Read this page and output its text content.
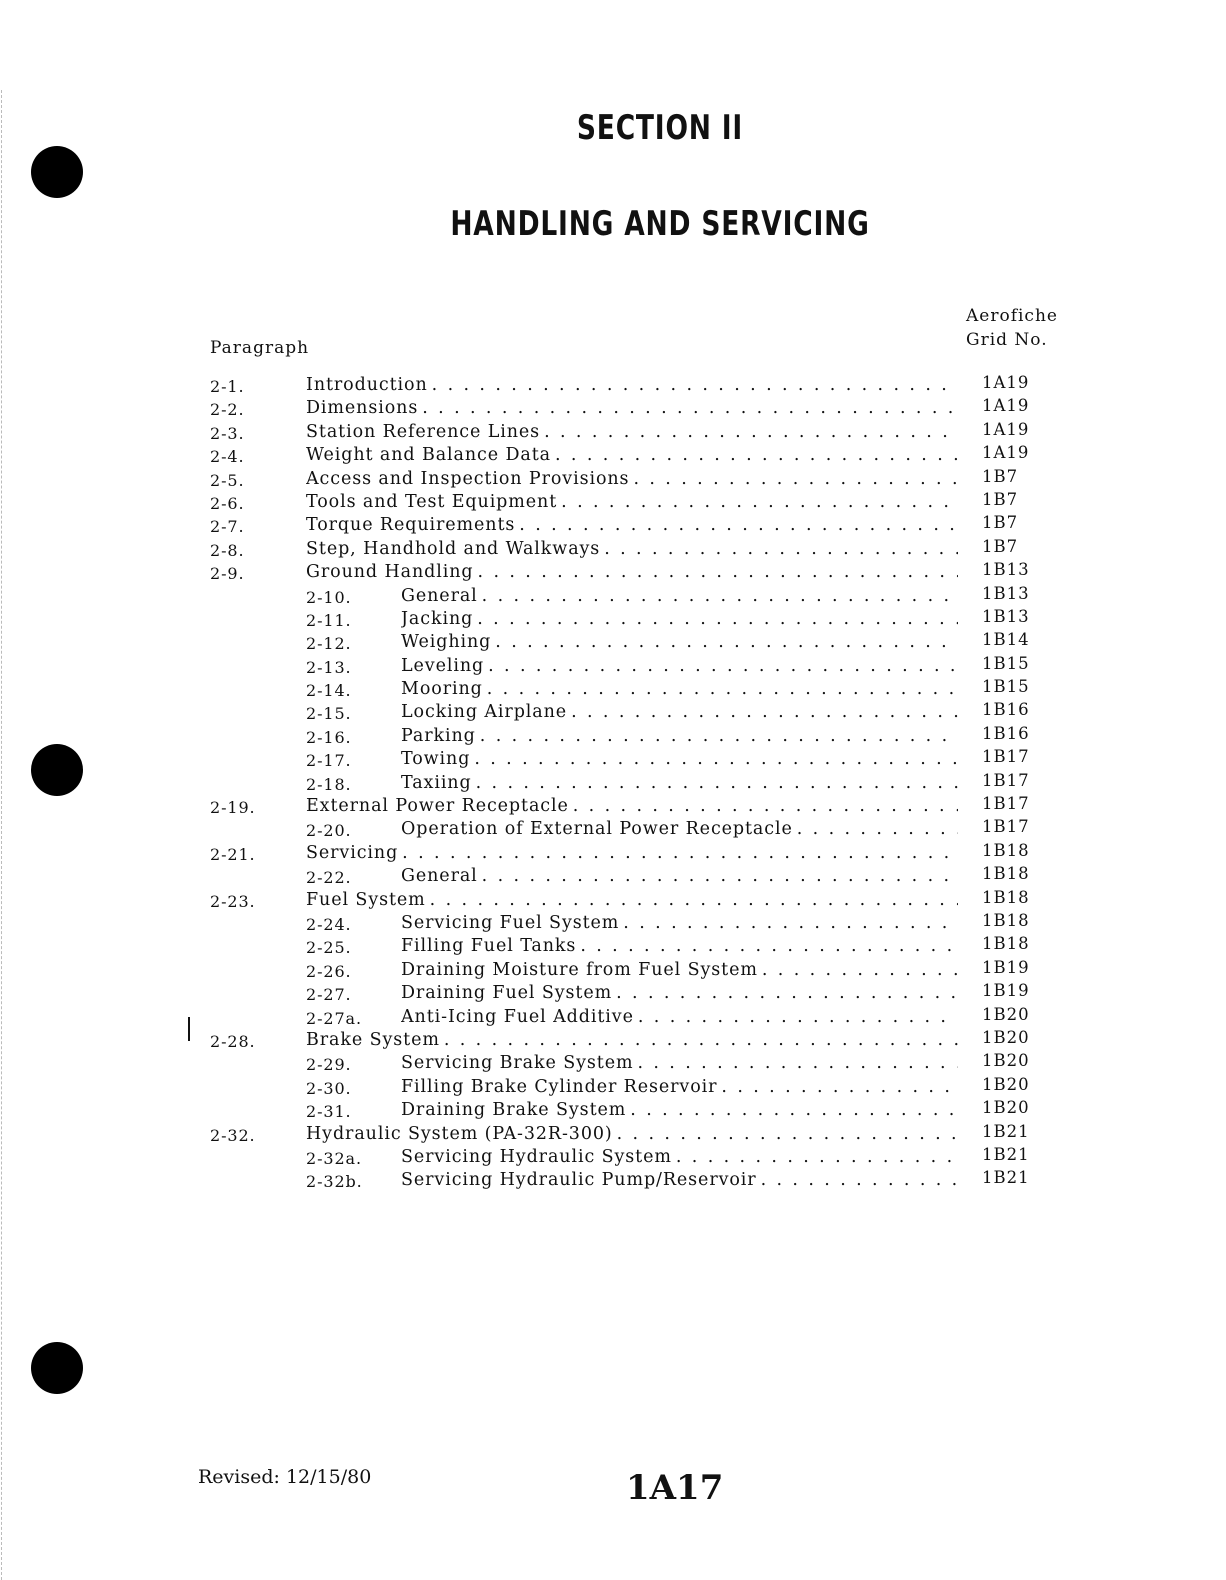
SECTION II
HANDLING AND SERVICING
Paragraph
Aerofiche
Grid No.
2-1.	Introduction . . .	1A19
2-2.	Dimensions . . .	1A19
2-3.	Station Reference Lines . . .	1A19
2-4.	Weight and Balance Data . . .	1A19
2-5.	Access and Inspection Provisions . . .	1B7
2-6.	Tools and Test Equipment . . .	1B7
2-7.	Torque Requirements . . .	1B7
2-8.	Step, Handhold and Walkways . . .	1B7
2-9.	Ground Handling . . .	1B13
2-10.	General . . .	1B13
2-11.	Jacking . . .	1B13
2-12.	Weighing . . .	1B14
2-13.	Leveling . . .	1B15
2-14.	Mooring . . .	1B15
2-15.	Locking Airplane . . .	1B16
2-16.	Parking . . .	1B16
2-17.	Towing . . .	1B17
2-18.	Taxiing . . .	1B17
2-19.	External Power Receptacle . . .	1B17
2-20.	Operation of External Power Receptacle . . .	1B17
2-21.	Servicing . . .	1B18
2-22.	General . . .	1B18
2-23.	Fuel System . . .	1B18
2-24.	Servicing Fuel System . . .	1B18
2-25.	Filling Fuel Tanks . . .	1B18
2-26.	Draining Moisture from Fuel System . . .	1B19
2-27.	Draining Fuel System . . .	1B19
2-27a. Anti-Icing Fuel Additive . . .	1B20
2-28.	Brake System . . .	1B20
2-29.	Servicing Brake System . . .	1B20
2-30.	Filling Brake Cylinder Reservoir . . .	1B20
2-31.	Draining Brake System . . .	1B20
2-32.	Hydraulic System (PA-32R-300) . . .	1B21
2-32a. Servicing Hydraulic System . . .	1B21
2-32b. Servicing Hydraulic Pump/Reservoir . . .	1B21
Revised: 12/15/80	1A17
